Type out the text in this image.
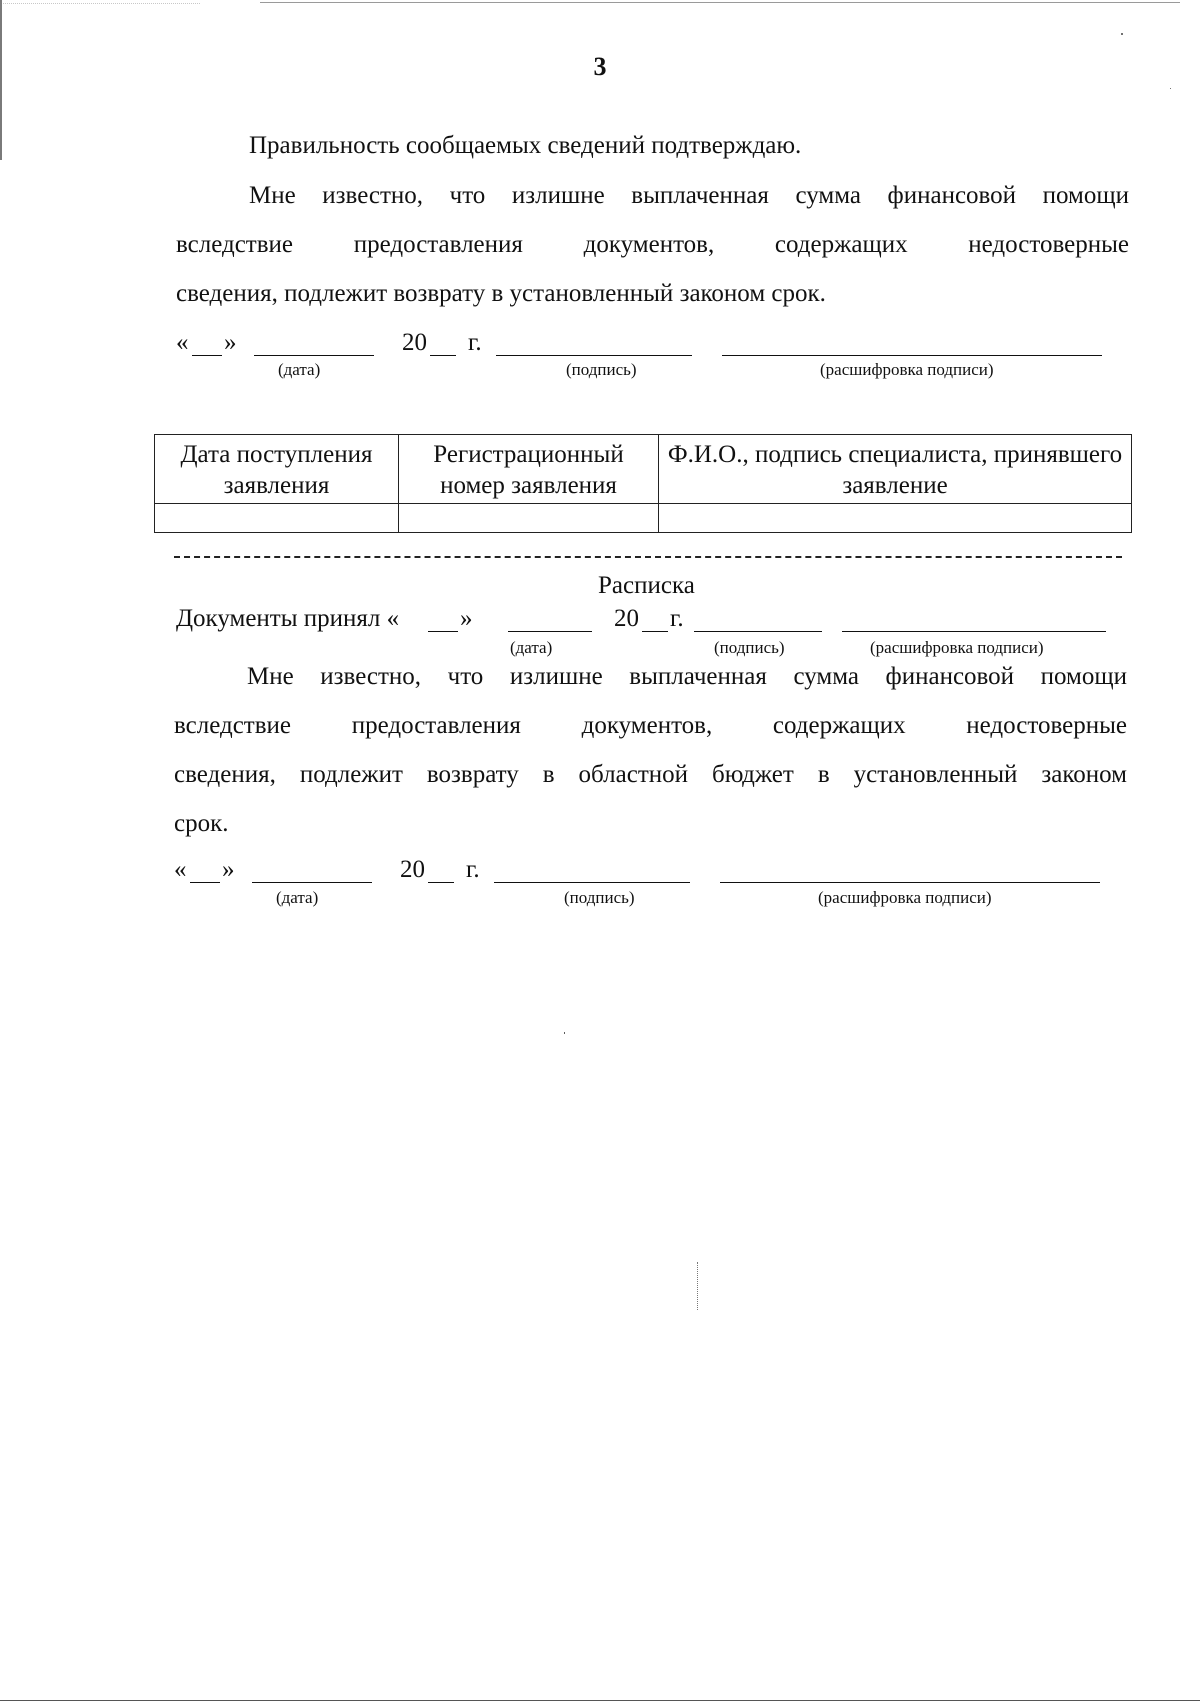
3

Правильность сообщаемых сведений подтверждаю.

Мне известно, что излишне выплаченная сумма финансовой помощи

вследствие предоставления документов, содержащих недостоверные

сведения, подлежит возврату в установленный законом срок.

« »	20 г.
(дата)	(подпись)	(расшифровка подписи)
Дата поступления заявления	Регистрационный номер заявления	Ф.И.О., подпись специалиста, принявшего заявление

Расписка
Документы принял « »	20 г.
(дата)	(подпись)	(расшифровка подписи)

Мне известно, что излишне выплаченная сумма финансовой помощи

вследствие предоставления документов, содержащих недостоверные

сведения, подлежит возврату в областной бюджет в установленный законом

срок.

« »	20 г.
(дата)	(подпись)	(расшифровка подписи)
